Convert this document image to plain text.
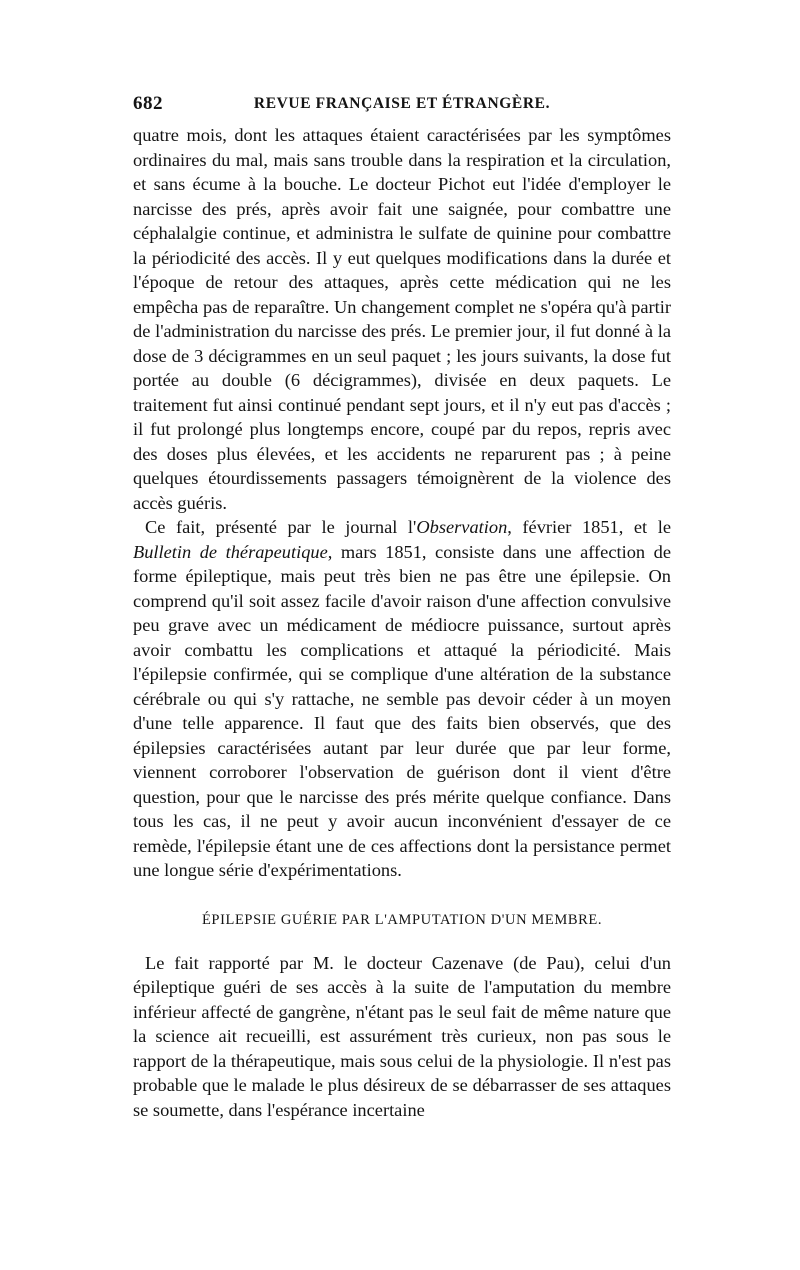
682	REVUE FRANÇAISE ET ÉTRANGÈRE.

quatre mois, dont les attaques étaient caractérisées par les symptômes ordinaires du mal, mais sans trouble dans la respiration et la circulation, et sans écume à la bouche. Le docteur Pichot eut l'idée d'employer le narcisse des prés, après avoir fait une saignée, pour combattre une céphalalgie continue, et administra le sulfate de quinine pour combattre la périodicité des accès. Il y eut quelques modifications dans la durée et l'époque de retour des attaques, après cette médication qui ne les empêcha pas de reparaître. Un changement complet ne s'opéra qu'à partir de l'administration du narcisse des prés. Le premier jour, il fut donné à la dose de 3 décigrammes en un seul paquet ; les jours suivants, la dose fut portée au double (6 décigrammes), divisée en deux paquets. Le traitement fut ainsi continué pendant sept jours, et il n'y eut pas d'accès ; il fut prolongé plus longtemps encore, coupé par du repos, repris avec des doses plus élevées, et les accidents ne reparurent pas ; à peine quelques étourdissements passagers témoignèrent de la violence des accès guéris.

Ce fait, présenté par le journal l'Observation, février 1851, et le Bulletin de thérapeutique, mars 1851, consiste dans une affection de forme épileptique, mais peut très bien ne pas être une épilepsie. On comprend qu'il soit assez facile d'avoir raison d'une affection convulsive peu grave avec un médicament de médiocre puissance, surtout après avoir combattu les complications et attaqué la périodicité. Mais l'épilepsie confirmée, qui se complique d'une altération de la substance cérébrale ou qui s'y rattache, ne semble pas devoir céder à un moyen d'une telle apparence. Il faut que des faits bien observés, que des épilepsies caractérisées autant par leur durée que par leur forme, viennent corroborer l'observation de guérison dont il vient d'être question, pour que le narcisse des prés mérite quelque confiance. Dans tous les cas, il ne peut y avoir aucun inconvénient d'essayer de ce remède, l'épilepsie étant une de ces affections dont la persistance permet une longue série d'expérimentations.

ÉPILEPSIE GUÉRIE PAR L'AMPUTATION D'UN MEMBRE.

Le fait rapporté par M. le docteur Cazenave (de Pau), celui d'un épileptique guéri de ses accès à la suite de l'amputation du membre inférieur affecté de gangrène, n'étant pas le seul fait de même nature que la science ait recueilli, est assurément très curieux, non pas sous le rapport de la thérapeutique, mais sous celui de la physiologie. Il n'est pas probable que le malade le plus désireux de se débarrasser de ses attaques se soumette, dans l'espérance incertaine
